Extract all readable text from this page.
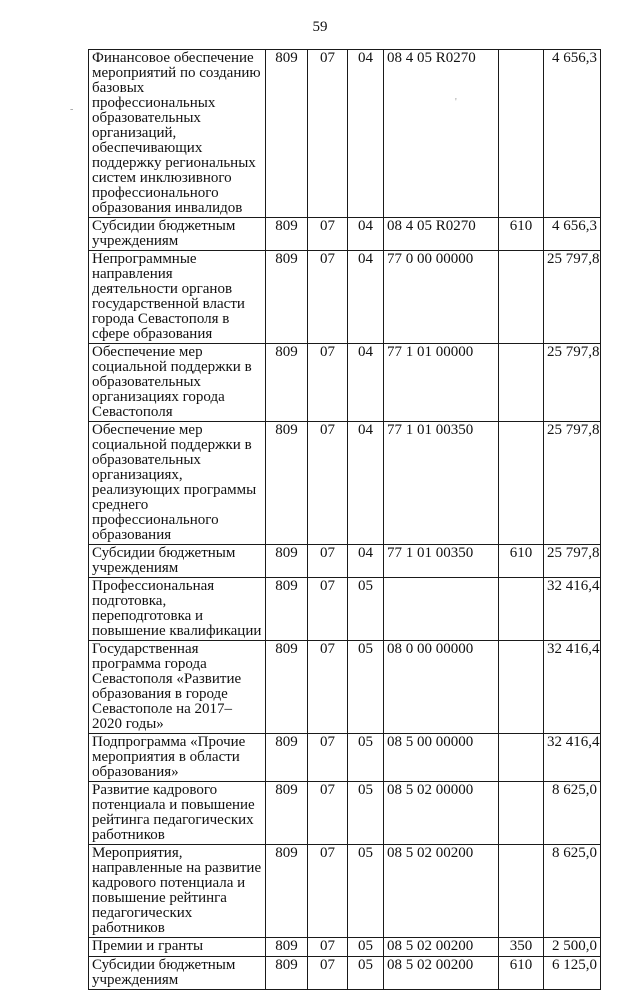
59
-
'
Финансовое обеспечение мероприятий по созданию базовых профессиональных образовательных организаций, обеспечивающих поддержку региональных систем инклюзивного профессионального образования инвалидов	809	07	04	08 4 05 R0270		4 656,3
Субсидии бюджетным учреждениям	809	07	04	08 4 05 R0270	610	4 656,3
Непрограммные направления деятельности органов государственной власти города Севастополя в сфере образования	809	07	04	77 0 00 00000		25 797,8
Обеспечение мер социальной поддержки в образовательных организациях города Севастополя	809	07	04	77 1 01 00000		25 797,8
Обеспечение мер социальной поддержки в образовательных организациях, реализующих программы среднего профессионального образования	809	07	04	77 1 01 00350		25 797,8
Субсидии бюджетным учреждениям	809	07	04	77 1 01 00350	610	25 797,8
Профессиональная подготовка, переподготовка и повышение квалификации	809	07	05			32 416,4
Государственная программа города Севастополя «Развитие образования в городе Севастополе на 2017–2020 годы»	809	07	05	08 0 00 00000		32 416,4
Подпрограмма «Прочие мероприятия в области образования»	809	07	05	08 5 00 00000		32 416,4
Развитие кадрового потенциала и повышение рейтинга педагогических работников	809	07	05	08 5 02 00000		8 625,0
Мероприятия, направленные на развитие кадрового потенциала и повышение рейтинга педагогических работников	809	07	05	08 5 02 00200		8 625,0
Премии и гранты	809	07	05	08 5 02 00200	350	2 500,0
Субсидии бюджетным учреждениям	809	07	05	08 5 02 00200	610	6 125,0
